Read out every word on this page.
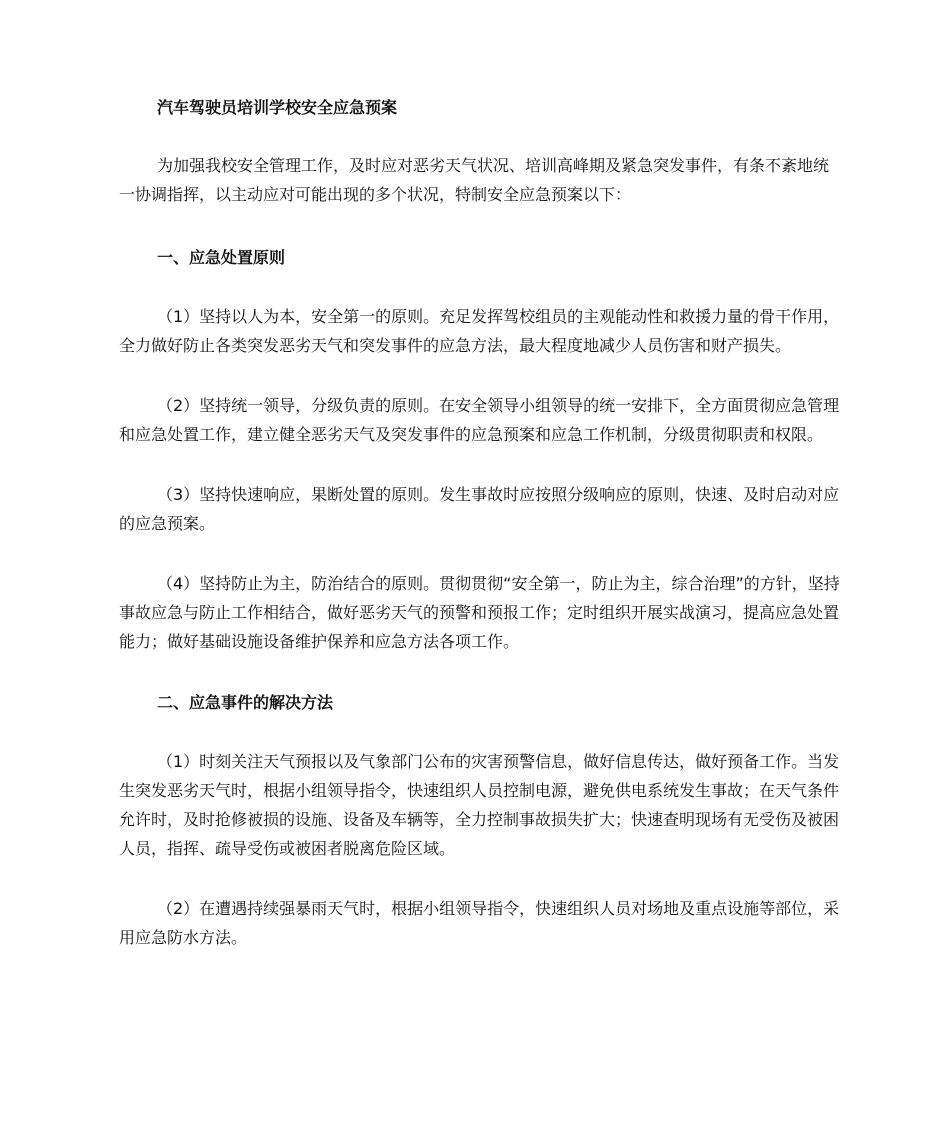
汽车驾驶员培训学校安全应急预案

为加强我校安全管理工作，及时应对恶劣天气状况、培训高峰期及紧急突发事件，有条不紊地统一协调指挥，以主动应对可能出现的多个状况，特制安全应急预案以下：

一、应急处置原则

（1）坚持以人为本，安全第一的原则。充足发挥驾校组员的主观能动性和救援力量的骨干作用，全力做好防止各类突发恶劣天气和突发事件的应急方法，最大程度地减少人员伤害和财产损失。

（2）坚持统一领导，分级负责的原则。在安全领导小组领导的统一安排下，全方面贯彻应急管理和应急处置工作，建立健全恶劣天气及突发事件的应急预案和应急工作机制，分级贯彻职责和权限。

（3）坚持快速响应，果断处置的原则。发生事故时应按照分级响应的原则，快速、及时启动对应的应急预案。

（4）坚持防止为主，防治结合的原则。贯彻贯彻“安全第一，防止为主，综合治理”的方针，坚持事故应急与防止工作相结合，做好恶劣天气的预警和预报工作；定时组织开展实战演习，提高应急处置能力；做好基础设施设备维护保养和应急方法各项工作。

二、应急事件的解决方法

（1）时刻关注天气预报以及气象部门公布的灾害预警信息，做好信息传达，做好预备工作。当发生突发恶劣天气时，根据小组领导指令，快速组织人员控制电源，避免供电系统发生事故；在天气条件允许时，及时抢修被损的设施、设备及车辆等，全力控制事故损失扩大；快速查明现场有无受伤及被困人员，指挥、疏导受伤或被困者脱离危险区域。

（2）在遭遇持续强暴雨天气时，根据小组领导指令，快速组织人员对场地及重点设施等部位，采用应急防水方法。
